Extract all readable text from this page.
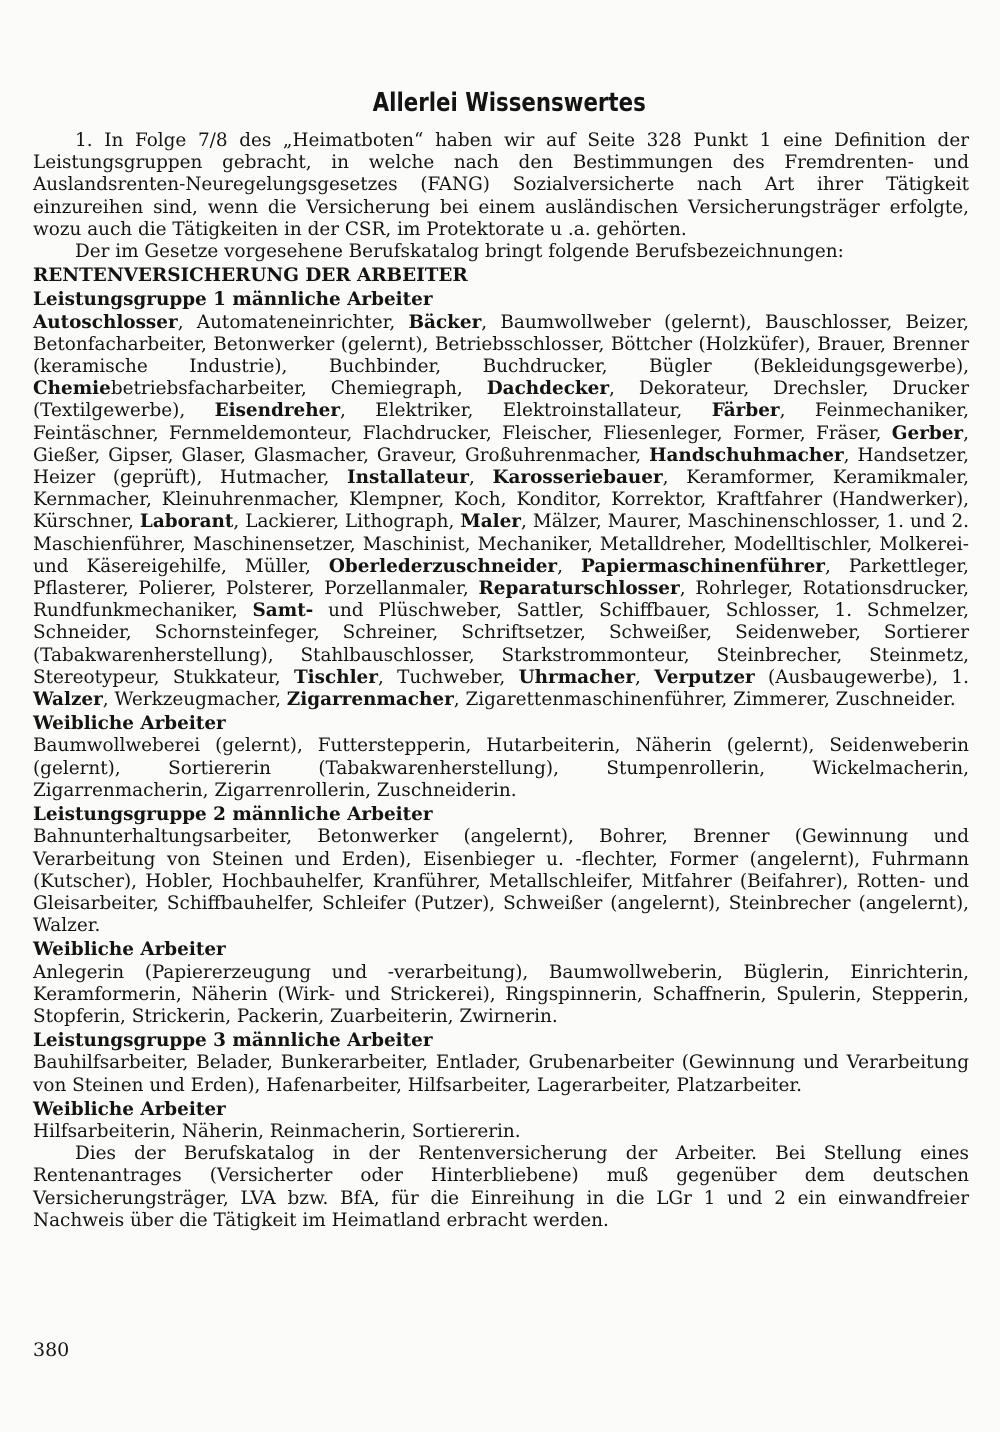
Allerlei Wissenswertes

1. In Folge 7/8 des „Heimatboten“ haben wir auf Seite 328 Punkt 1 eine Definition der Leistungsgruppen gebracht, in welche nach den Bestimmungen des Fremdrenten- und Auslandsrenten-Neuregelungsgesetzes (FANG) Sozialversicherte nach Art ihrer Tätigkeit einzureihen sind, wenn die Versicherung bei einem ausländischen Versicherungsträger erfolgte, wozu auch die Tätigkeiten in der CSR, im Protektorate u .a. gehörten.

Der im Gesetze vorgesehene Berufskatalog bringt folgende Berufsbezeichnungen:

RENTENVERSICHERUNG DER ARBEITER

Leistungsgruppe 1 männliche Arbeiter

Autoschlosser, Automateneinrichter, Bäcker, Baumwollweber (gelernt), Bauschlosser, Beizer, Betonfacharbeiter, Betonwerker (gelernt), Betriebsschlosser, Böttcher (Holzküfer), Brauer, Brenner (keramische Industrie), Buchbinder, Buchdrucker, Bügler (Bekleidungsgewerbe), Chemiebetriebsfacharbeiter, Chemiegraph, Dachdecker, Dekorateur, Drechsler, Drucker (Textilgewerbe), Eisendreher, Elektriker, Elektroinstallateur, Färber, Feinmechaniker, Feintäschner, Fernmeldemonteur, Flachdrucker, Fleischer, Fliesenleger, Former, Fräser, Gerber, Gießer, Gipser, Glaser, Glasmacher, Graveur, Großuhrenmacher, Handschuhmacher, Handsetzer, Heizer (geprüft), Hutmacher, Installateur, Karosseriebauer, Keramformer, Keramikmaler, Kernmacher, Kleinuhrenmacher, Klempner, Koch, Konditor, Korrektor, Kraftfahrer (Handwerker), Kürschner, Laborant, Lackierer, Lithograph, Maler, Mälzer, Maurer, Maschinenschlosser, 1. und 2. Maschienführer, Maschinensetzer, Maschinist, Mechaniker, Metalldreher, Modelltischler, Molkerei- und Käsereigehilfe, Müller, Oberlederzuschneider, Papiermaschinenführer, Parkettleger, Pflasterer, Polierer, Polsterer, Porzellanmaler, Reparaturschlosser, Rohrleger, Rotationsdrucker, Rundfunkmechaniker, Samt- und Plüschweber, Sattler, Schiffbauer, Schlosser, 1. Schmelzer, Schneider, Schornsteinfeger, Schreiner, Schriftsetzer, Schweißer, Seidenweber, Sortierer (Tabakwarenherstellung), Stahlbauschlosser, Starkstrommonteur, Steinbrecher, Steinmetz, Stereotypeur, Stukkateur, Tischler, Tuchweber, Uhrmacher, Verputzer (Ausbaugewerbe), 1. Walzer, Werkzeugmacher, Zigarrenmacher, Zigarettenmaschinenführer, Zimmerer, Zuschneider.

Weibliche Arbeiter

Baumwollweberei (gelernt), Futterstepperin, Hutarbeiterin, Näherin (gelernt), Seidenweberin (gelernt), Sortiererin (Tabakwarenherstellung), Stumpenrollerin, Wickelmacherin, Zigarrenmacherin, Zigarrenrollerin, Zuschneiderin.

Leistungsgruppe 2 männliche Arbeiter

Bahnunterhaltungsarbeiter, Betonwerker (angelernt), Bohrer, Brenner (Gewinnung und Verarbeitung von Steinen und Erden), Eisenbieger u. -flechter, Former (angelernt), Fuhrmann (Kutscher), Hobler, Hochbauhelfer, Kranführer, Metallschleifer, Mitfahrer (Beifahrer), Rotten- und Gleisarbeiter, Schiffbauhelfer, Schleifer (Putzer), Schweißer (angelernt), Steinbrecher (angelernt), Walzer.

Weibliche Arbeiter

Anlegerin (Papiererzeugung und -verarbeitung), Baumwollweberin, Büglerin, Einrichterin, Keramformerin, Näherin (Wirk- und Strickerei), Ringspinnerin, Schaffnerin, Spulerin, Stepperin, Stopferin, Strickerin, Packerin, Zuarbeiterin, Zwirnerin.

Leistungsgruppe 3 männliche Arbeiter

Bauhilfsarbeiter, Belader, Bunkerarbeiter, Entlader, Grubenarbeiter (Gewinnung und Verarbeitung von Steinen und Erden), Hafenarbeiter, Hilfsarbeiter, Lagerarbeiter, Platzarbeiter.

Weibliche Arbeiter

Hilfsarbeiterin, Näherin, Reinmacherin, Sortiererin.

Dies der Berufskatalog in der Rentenversicherung der Arbeiter. Bei Stellung eines Rentenantrages (Versicherter oder Hinterbliebene) muß gegenüber dem deutschen Versicherungsträger, LVA bzw. BfA, für die Einreihung in die LGr 1 und 2 ein einwandfreier Nachweis über die Tätigkeit im Heimatland erbracht werden.

380
